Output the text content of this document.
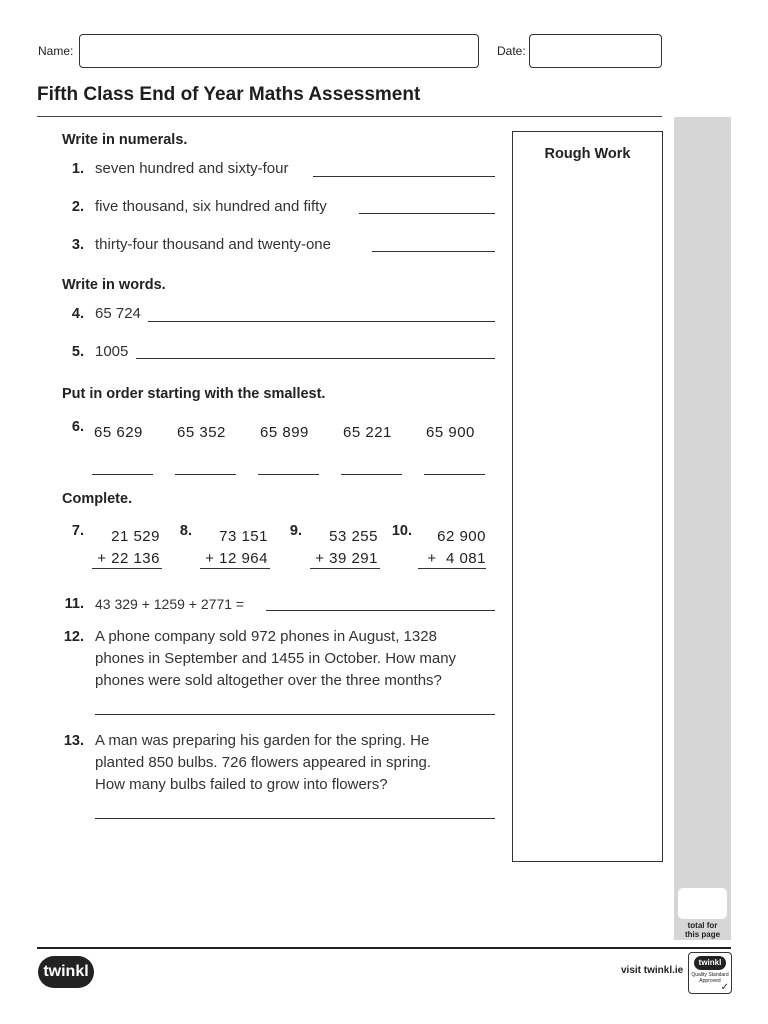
Name:	Date:
Fifth Class End of Year Maths Assessment
total for
this page
Rough Work
Write in numerals.
1. seven hundred and sixty-four
2. five thousand, six hundred and fifty
3. thirty-four thousand and twenty-one
Write in words.
4. 65 724
5. 1005
Put in order starting with the smallest.
6. 65 629 65 352 65 899 65 221 65 900
Complete.
7.	21 529
+ 22 136
8.	73 151
+ 12 964
9.	53 255
+ 39 291
10.	62 900
+  4 081
11. 43 329 + 1259 + 2771 =
12. A phone company sold 972 phones in August, 1328
phones in September and 1455 in October. How many
phones were sold altogether over the three months?
13. A man was preparing his garden for the spring. He
planted 850 bulbs. 726 flowers appeared in spring.
How many bulbs failed to grow into flowers?
twinkl	visit twinkl.ie
twinkl
Quality Standard
Approved
✓
